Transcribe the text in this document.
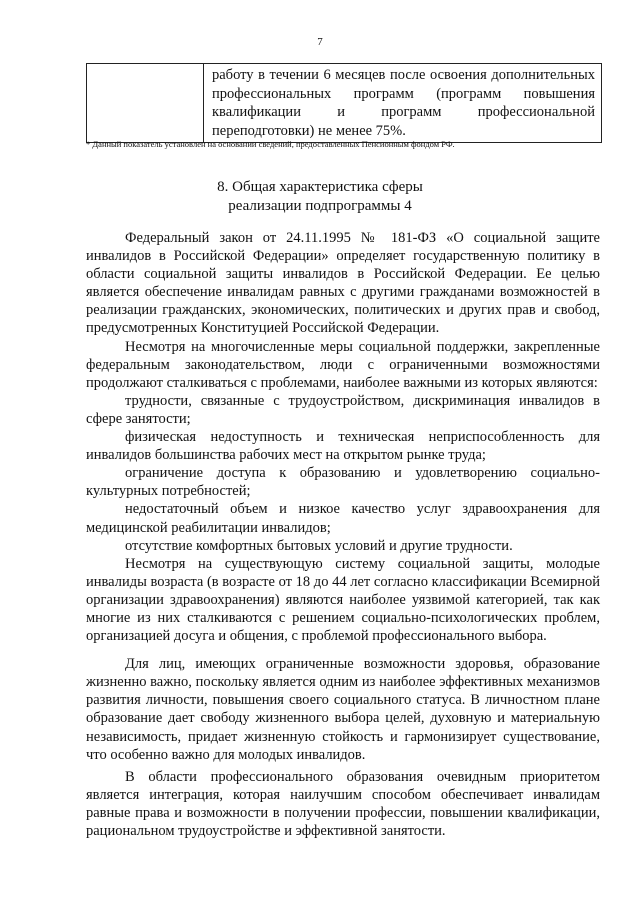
7
	работу в течении 6 месяцев после освоения дополнительных профессиональных программ (программ повышения квалификации и программ профессиональной переподготовки) не менее 75%.
* Данный показатель установлен на основании сведений, предоставленных Пенсионным фондом РФ.
8. Общая характеристика сферы
реализации подпрограммы 4

Федеральный закон от 24.11.1995 № 181-ФЗ «О социальной защите инвалидов в Российской Федерации» определяет государственную политику в области социальной защиты инвалидов в Российской Федерации. Ее целью является обеспечение инвалидам равных с другими гражданами возможностей в реализации гражданских, экономических, политических и других прав и свобод, предусмотренных Конституцией Российской Федерации.

Несмотря на многочисленные меры социальной поддержки, закрепленные федеральным законодательством, люди с ограниченными возможностями продолжают сталкиваться с проблемами, наиболее важными из которых являются:

трудности, связанные с трудоустройством, дискриминация инвалидов в сфере занятости;

физическая недоступность и техническая неприспособленность для инвалидов большинства рабочих мест на открытом рынке труда;

ограничение доступа к образованию и удовлетворению социально-культурных потребностей;

недостаточный объем и низкое качество услуг здравоохранения для медицинской реабилитации инвалидов;

отсутствие комфортных бытовых условий и другие трудности.

Несмотря на существующую систему социальной защиты, молодые инвалиды возраста (в возрасте от 18 до 44 лет согласно классификации Всемирной организации здравоохранения) являются наиболее уязвимой категорией, так как многие из них сталкиваются с решением социально-психологических проблем, организацией досуга и общения, с проблемой профессионального выбора.

Для лиц, имеющих ограниченные возможности здоровья, образование жизненно важно, поскольку является одним из наиболее эффективных механизмов развития личности, повышения своего социального статуса. В личностном плане образование дает свободу жизненного выбора целей, духовную и материальную независимость, придает жизненную стойкость и гармонизирует существование, что особенно важно для молодых инвалидов.

В области профессионального образования очевидным приоритетом является интеграция, которая наилучшим способом обеспечивает инвалидам равные права и возможности в получении профессии, повышении квалификации, рациональном трудоустройстве и эффективной занятости.
